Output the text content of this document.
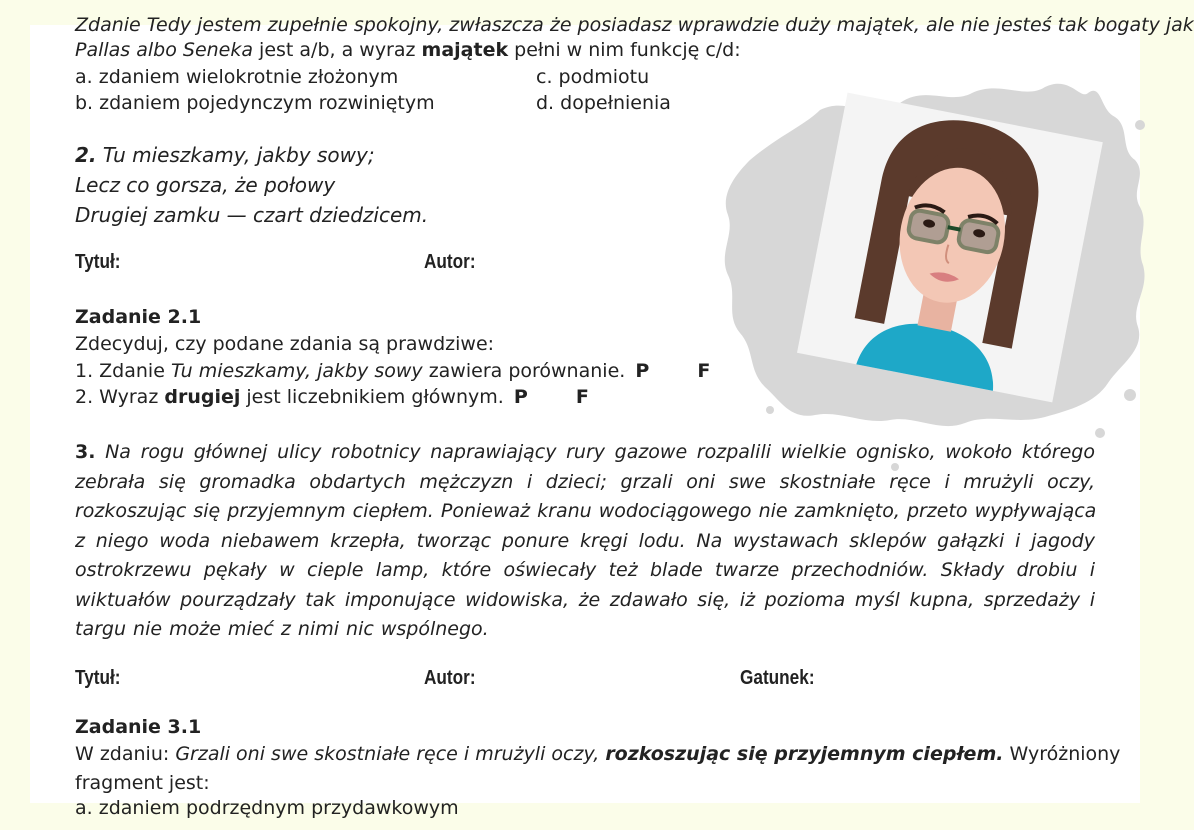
Zdanie Tedy jestem zupełnie spokojny, zwłaszcza że posiadasz wprawdzie duży majątek, ale nie jesteś tak bogaty jak
Pallas albo Seneka jest a/b, a wyraz majątek pełni w nim funkcję c/d:
a. zdaniem wielokrotnie złożonym	c. podmiotu
b. zdaniem pojedynczym rozwiniętym	d. dopełnienia
2. Tu mieszkamy, jakby sowy;
Lecz co gorsza, że połowy
Drugiej zamku — czart dziedzicem.
Tytuł:	Autor:
Zadanie 2.1
Zdecyduj, czy podane zdania są prawdziwe:
1. Zdanie Tu mieszkamy, jakby sowy zawiera porównanie. P	F
2. Wyraz drugiej jest liczebnikiem głównym. P	F
3. Na rogu głównej ulicy robotnicy naprawiający rury gazowe rozpalili wielkie ognisko, wokoło którego
zebrała się gromadka obdartych mężczyzn i dzieci; grzali oni swe skostniałe ręce i mrużyli oczy,
rozkoszując się przyjemnym ciepłem. Ponieważ kranu wodociągowego nie zamknięto, przeto wypływająca
z niego woda niebawem krzepła, tworząc ponure kręgi lodu. Na wystawach sklepów gałązki i jagody
ostrokrzewu pękały w cieple lamp, które oświecały też blade twarze przechodniów. Składy drobiu i
wiktuałów pourządzały tak imponujące widowiska, że zdawało się, iż pozioma myśl kupna, sprzedaży i
targu nie może mieć z nimi nic wspólnego.
Tytuł:	Autor:	Gatunek:
Zadanie 3.1
W zdaniu: Grzali oni swe skostniałe ręce i mrużyli oczy, rozkoszując się przyjemnym ciepłem. Wyróżniony
fragment jest:
a. zdaniem podrzędnym przydawkowym
